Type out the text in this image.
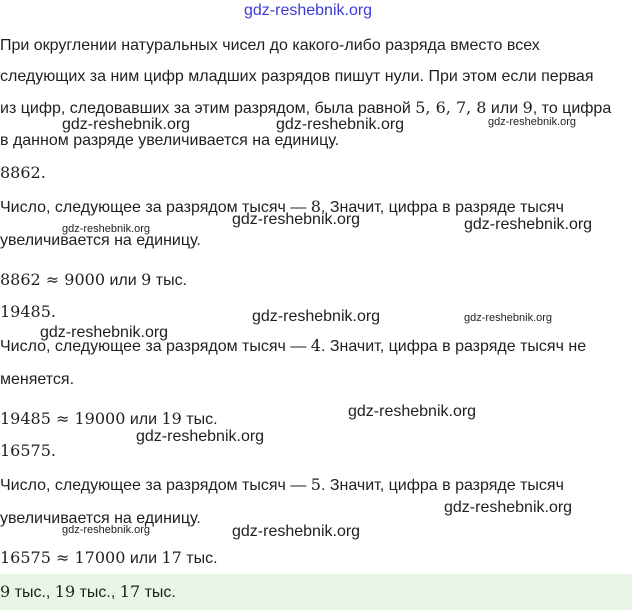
gdz-reshebnik.org
gdz-reshebnik.org	gdz-reshebnik.org	gdz-reshebnik.org
gdz-reshebnik.org
gdz-reshebnik.org	gdz-reshebnik.org
gdz-reshebnik.org	gdz-reshebnik.org
gdz-reshebnik.org
gdz-reshebnik.org
gdz-reshebnik.org
gdz-reshebnik.org
gdz-reshebnik.org	gdz-reshebnik.org
При округлении натуральных чисел до какого-либо разряда вместо всех
следующих за ним цифр младших разрядов пишут нули. При этом если первая
из цифр, следовавших за этим разрядом, была равной 5, 6, 7, 8 или 9, то цифра
в данном разряде увеличивается на единицу.
8862.
Число, следующее за разрядом тысяч — 8. Значит, цифра в разряде тысяч
увеличивается на единицу.
8862 ≈ 9000 или 9 тыс.
19485.
Число, следующее за разрядом тысяч — 4. Значит, цифра в разряде тысяч не
меняется.
19485 ≈ 19000 или 19 тыс.
16575.
Число, следующее за разрядом тысяч — 5. Значит, цифра в разряде тысяч
увеличивается на единицу.
16575 ≈ 17000 или 17 тыс.
9 тыс., 19 тыс., 17 тыс.
